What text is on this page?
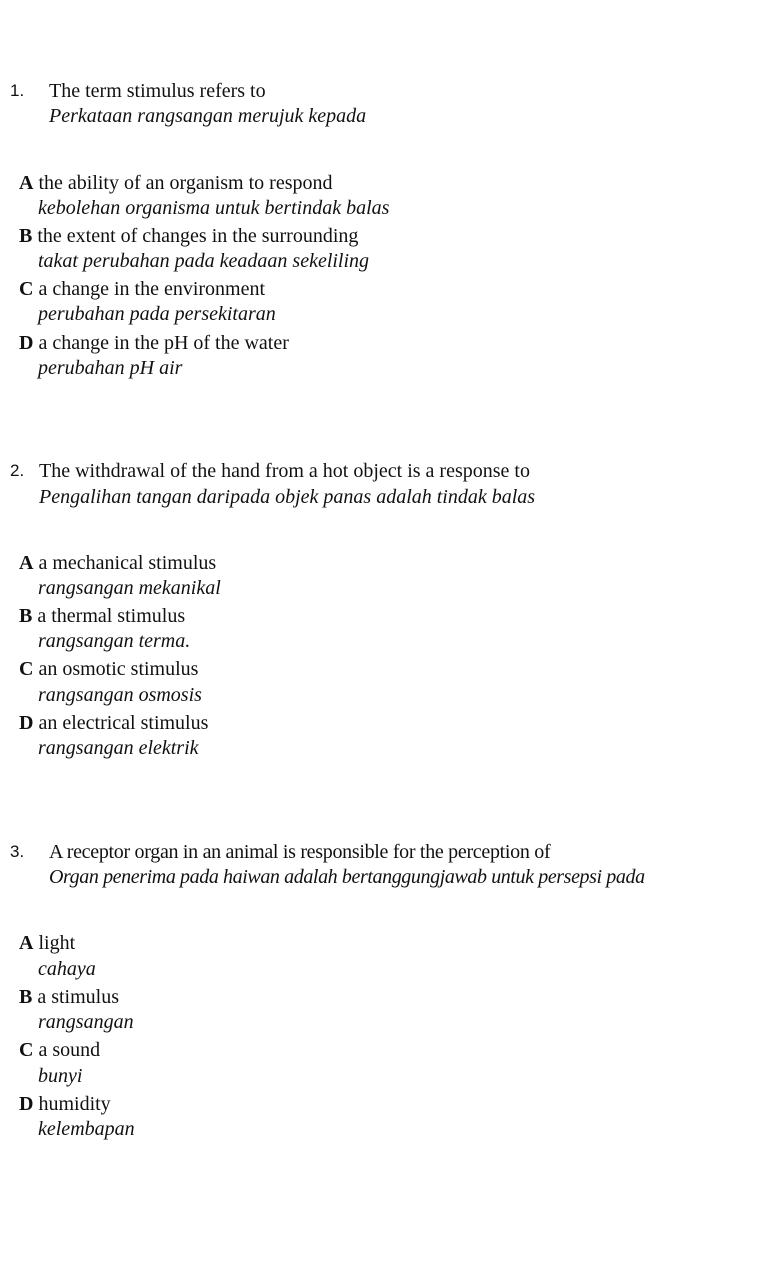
1. The term stimulus refers to
Perkataan rangsangan merujuk kepada
A the ability of an organism to respond
kebolehan organisma untuk bertindak balas
B the extent of changes in the surrounding
takat perubahan pada keadaan sekeliling
C a change in the environment
perubahan pada persekitaran
D a change in the pH of the water
perubahan pH air
2. The withdrawal of the hand from a hot object is a response to
Pengalihan tangan daripada objek panas adalah tindak balas
A a mechanical stimulus
rangsangan mekanikal
B a thermal stimulus
rangsangan terma.
C an osmotic stimulus
rangsangan osmosis
D an electrical stimulus
rangsangan elektrik
3. A receptor organ in an animal is responsible for the perception of
Organ penerima pada haiwan adalah bertanggungjawab untuk persepsi pada
A light
cahaya
B a stimulus
rangsangan
C a sound
bunyi
D humidity
kelembapan
